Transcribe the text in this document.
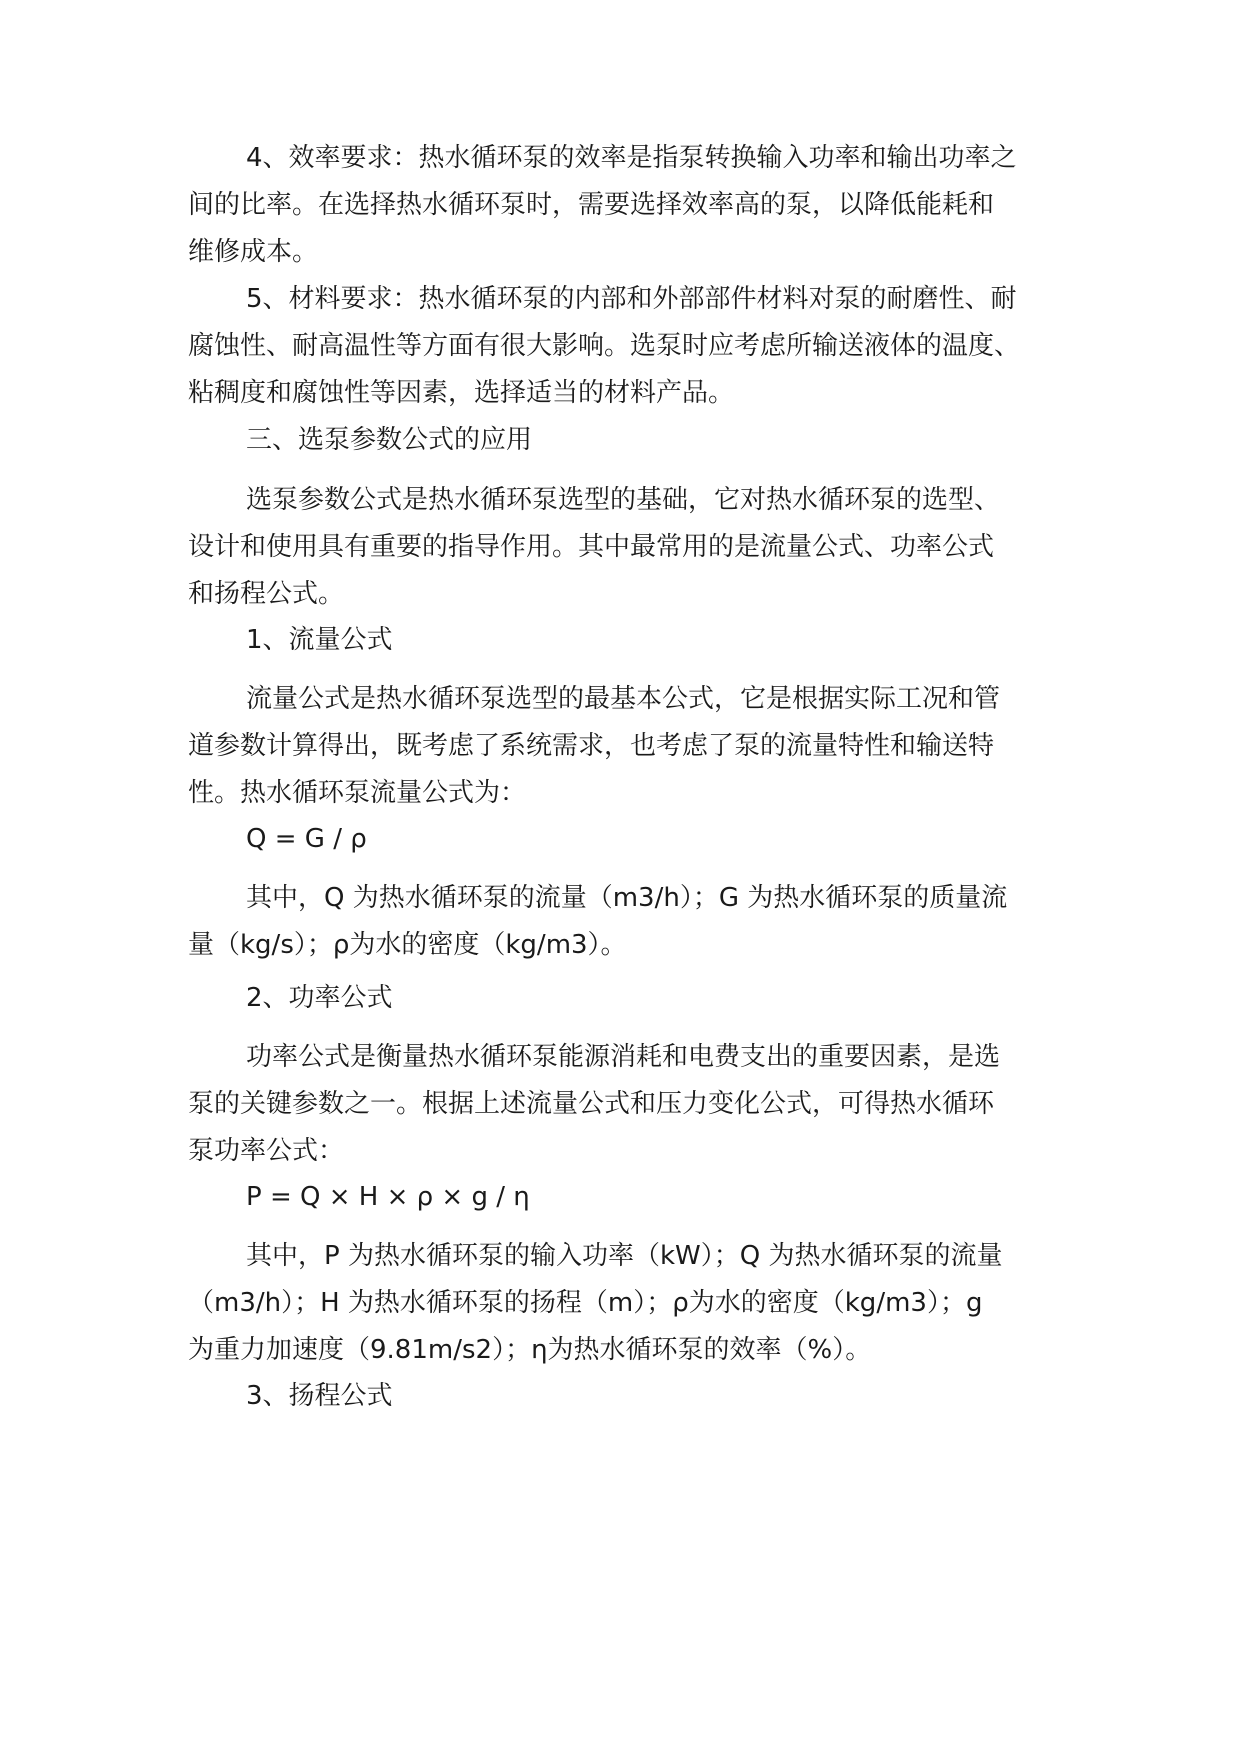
4、效率要求：热水循环泵的效率是指泵转换输入功率和输出功率之
间的比率。在选择热水循环泵时，需要选择效率高的泵，以降低能耗和
维修成本。
5、材料要求：热水循环泵的内部和外部部件材料对泵的耐磨性、耐
腐蚀性、耐高温性等方面有很大影响。选泵时应考虑所输送液体的温度、
粘稠度和腐蚀性等因素，选择适当的材料产品。
三、选泵参数公式的应用
选泵参数公式是热水循环泵选型的基础，它对热水循环泵的选型、
设计和使用具有重要的指导作用。其中最常用的是流量公式、功率公式
和扬程公式。
1、流量公式
流量公式是热水循环泵选型的最基本公式，它是根据实际工况和管
道参数计算得出，既考虑了系统需求，也考虑了泵的流量特性和输送特
性。热水循环泵流量公式为：
Q = G / ρ
其中，Q 为热水循环泵的流量（m3/h）；G 为热水循环泵的质量流
量（kg/s）；ρ为水的密度（kg/m3）。
2、功率公式
功率公式是衡量热水循环泵能源消耗和电费支出的重要因素，是选
泵的关键参数之一。根据上述流量公式和压力变化公式，可得热水循环
泵功率公式：
P = Q × H × ρ × g / η
其中，P 为热水循环泵的输入功率（kW）；Q 为热水循环泵的流量
（m3/h）；H 为热水循环泵的扬程（m）；ρ为水的密度（kg/m3）；g
为重力加速度（9.81m/s2）；η为热水循环泵的效率（%）。
3、扬程公式
